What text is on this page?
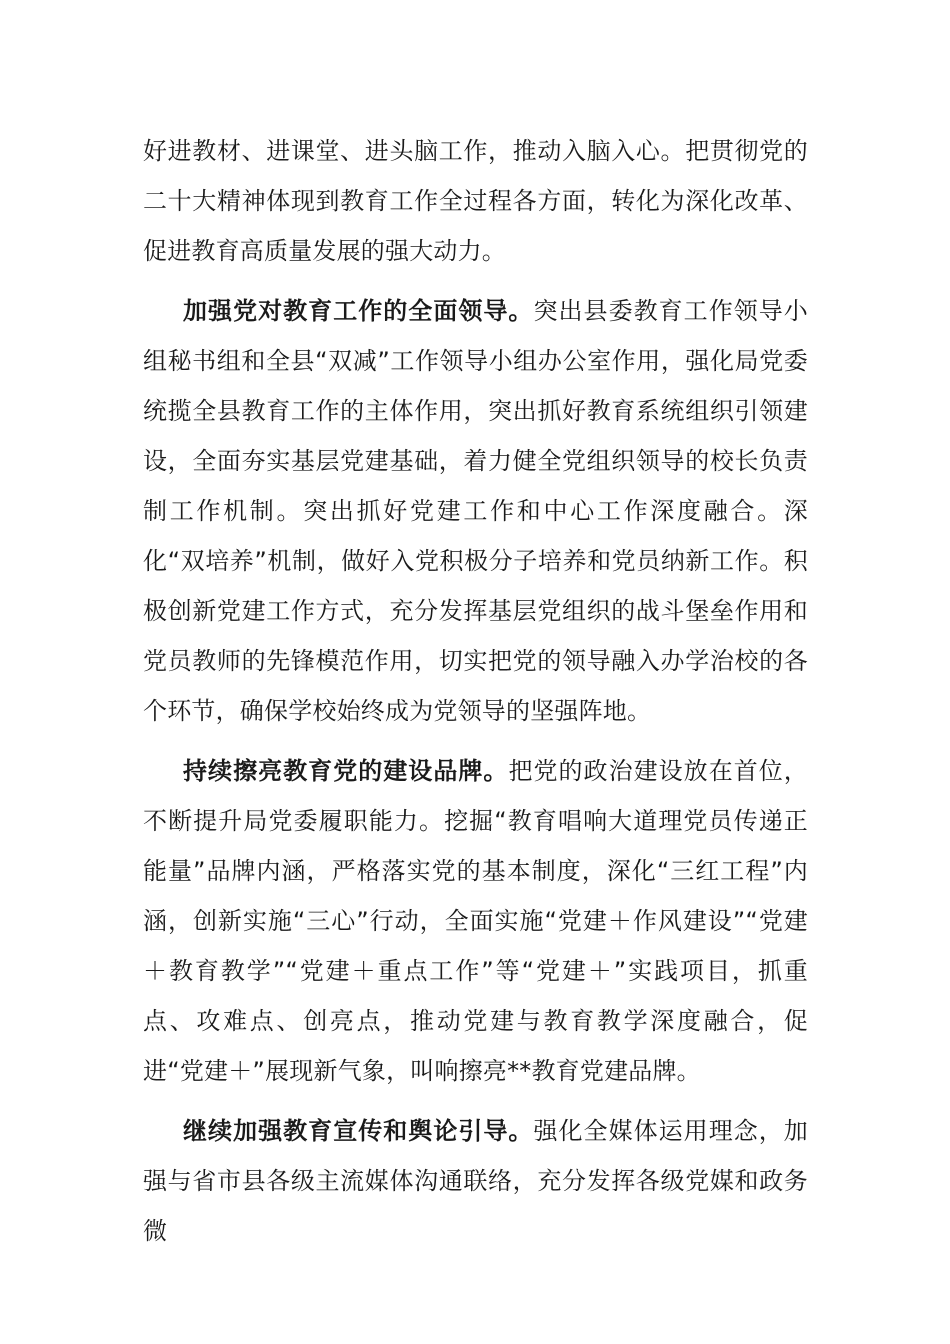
好进教材、进课堂、进头脑工作，推动入脑入心。把贯彻党的二十大精神体现到教育工作全过程各方面，转化为深化改革、促进教育高质量发展的强大动力。

加强党对教育工作的全面领导。突出县委教育工作领导小组秘书组和全县“双减”工作领导小组办公室作用，强化局党委统揽全县教育工作的主体作用，突出抓好教育系统组织引领建设，全面夯实基层党建基础，着力健全党组织领导的校长负责制工作机制。突出抓好党建工作和中心工作深度融合。深化“双培养”机制，做好入党积极分子培养和党员纳新工作。积极创新党建工作方式，充分发挥基层党组织的战斗堡垒作用和党员教师的先锋模范作用，切实把党的领导融入办学治校的各个环节，确保学校始终成为党领导的坚强阵地。

持续擦亮教育党的建设品牌。把党的政治建设放在首位，不断提升局党委履职能力。挖掘“教育唱响大道理党员传递正能量”品牌内涵，严格落实党的基本制度，深化“三红工程”内涵，创新实施“三心”行动，全面实施“党建＋作风建设”“党建＋教育教学”“党建＋重点工作”等“党建＋”实践项目，抓重点、攻难点、创亮点，推动党建与教育教学深度融合，促进“党建＋”展现新气象，叫响擦亮**教育党建品牌。

继续加强教育宣传和舆论引导。强化全媒体运用理念，加强与省市县各级主流媒体沟通联络，充分发挥各级党媒和政务微
